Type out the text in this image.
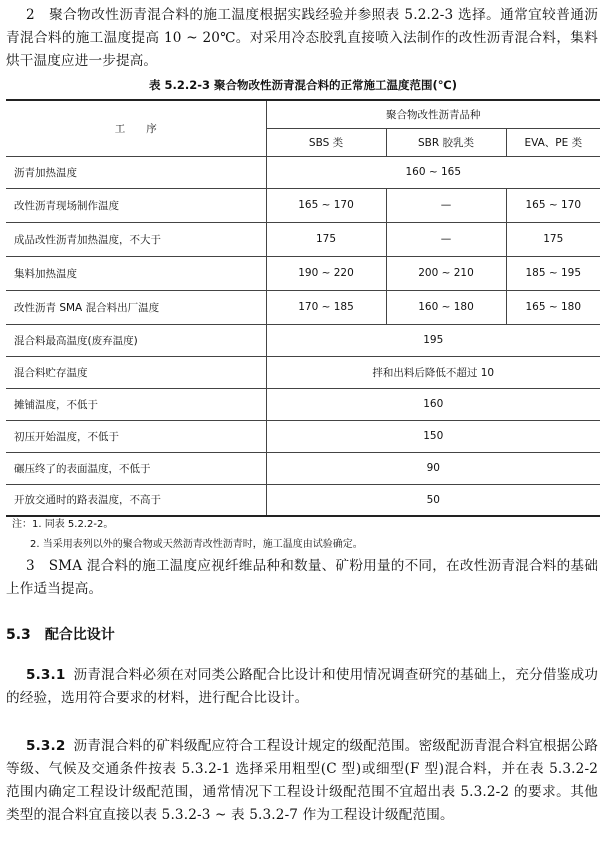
2　 聚合物改性沥青混合料的施工温度根据实践经验并参照表 5.2.2-3 选择。通常宜较普通沥青混合料的施工温度提高 10 ~ 20℃。对采用冷态胶乳直接喷入法制作的改性沥青混合料，集料烘干温度应进一步提高。

表 5.2.2-3 聚合物改性沥青混合料的正常施工温度范围(℃)
工　　序	聚合物改性沥青品种		
	SBS 类	SBR 胶乳类	EVA、PE 类
沥青加热温度	160 ~ 165		
改性沥青现场制作温度	165 ~ 170	—	165 ~ 170
成品改性沥青加热温度，不大于	175	—	175
集料加热温度	190 ~ 220	200 ~ 210	185 ~ 195
改性沥青 SMA 混合料出厂温度	170 ~ 185	160 ~ 180	165 ~ 180
混合料最高温度(废弃温度)	195		
混合料贮存温度	拌和出料后降低不超过 10		
摊铺温度，不低于	160		
初压开始温度，不低于	150		
碾压终了的表面温度，不低于	90		
开放交通时的路表温度，不高于	50		
注：1. 同表 5.2.2-2。
2. 当采用表列以外的聚合物或天然沥青改性沥青时，施工温度由试验确定。

3　 SMA 混合料的施工温度应视纤维品种和数量、矿粉用量的不同，在改性沥青混合料的基础上作适当提高。

5.3 配合比设计

5.3.1 沥青混合料必须在对同类公路配合比设计和使用情况调查研究的基础上，充分借鉴成功的经验，选用符合要求的材料，进行配合比设计。

5.3.2 沥青混合料的矿料级配应符合工程设计规定的级配范围。密级配沥青混合料宜根据公路等级、气候及交通条件按表 5.3.2-1 选择采用粗型(C 型)或细型(F 型)混合料，并在表 5.3.2-2 范围内确定工程设计级配范围，通常情况下工程设计级配范围不宜超出表 5.3.2-2 的要求。其他类型的混合料宜直接以表 5.3.2-3 ~ 表 5.3.2-7 作为工程设计级配范围。
